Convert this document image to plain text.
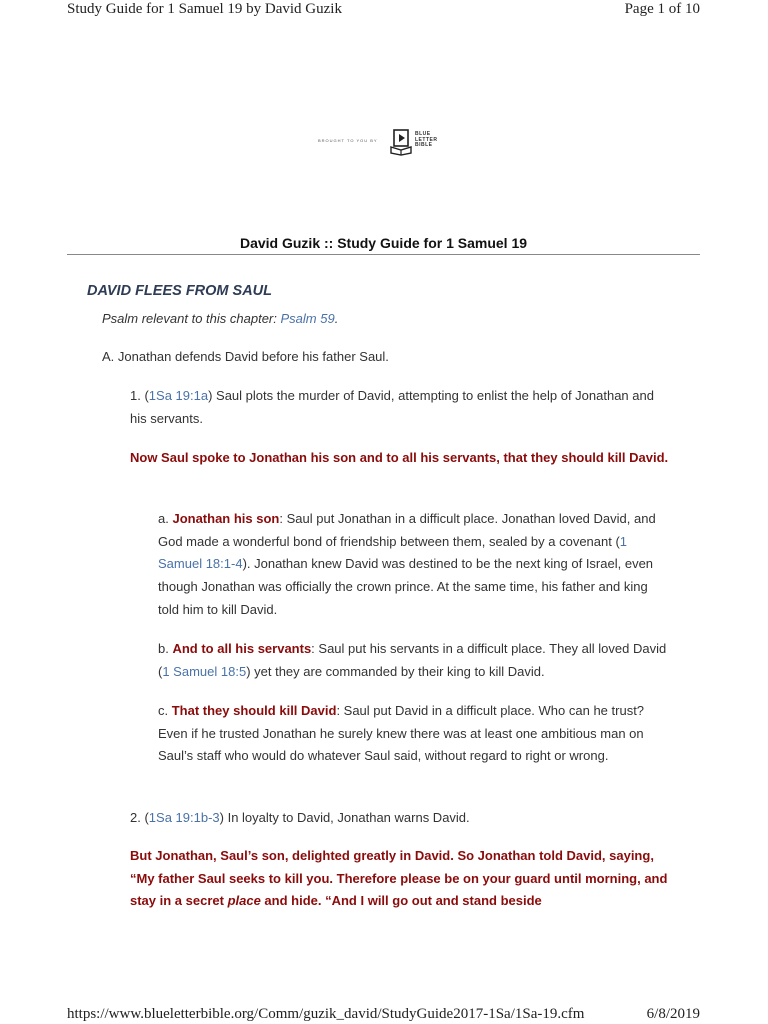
Study Guide for 1 Samuel 19 by David Guzik	Page 1 of 10
BROUGHT TO YOU BY
BLUE
LETTER
BIBLE
David Guzik :: Study Guide for 1 Samuel 19
DAVID FLEES FROM SAUL

Psalm relevant to this chapter: Psalm 59.

A. Jonathan defends David before his father Saul.

1. (1Sa 19:1a) Saul plots the murder of David, attempting to enlist the help of Jonathan and his servants.

Now Saul spoke to Jonathan his son and to all his servants, that they should kill David.

a. Jonathan his son: Saul put Jonathan in a difficult place. Jonathan loved David, and God made a wonderful bond of friendship between them, sealed by a covenant (1 Samuel 18:1-4). Jonathan knew David was destined to be the next king of Israel, even though Jonathan was officially the crown prince. At the same time, his father and king told him to kill David.

b. And to all his servants: Saul put his servants in a difficult place. They all loved David (1 Samuel 18:5) yet they are commanded by their king to kill David.

c. That they should kill David: Saul put David in a difficult place. Who can he trust? Even if he trusted Jonathan he surely knew there was at least one ambitious man on Saul’s staff who would do whatever Saul said, without regard to right or wrong.

2. (1Sa 19:1b-3) In loyalty to David, Jonathan warns David.

But Jonathan, Saul’s son, delighted greatly in David. So Jonathan told David, saying, “My father Saul seeks to kill you. Therefore please be on your guard until morning, and stay in a secret place and hide. “And I will go out and stand beside

https://www.blueletterbible.org/Comm/guzik_david/StudyGuide2017-1Sa/1Sa-19.cfm	6/8/2019
